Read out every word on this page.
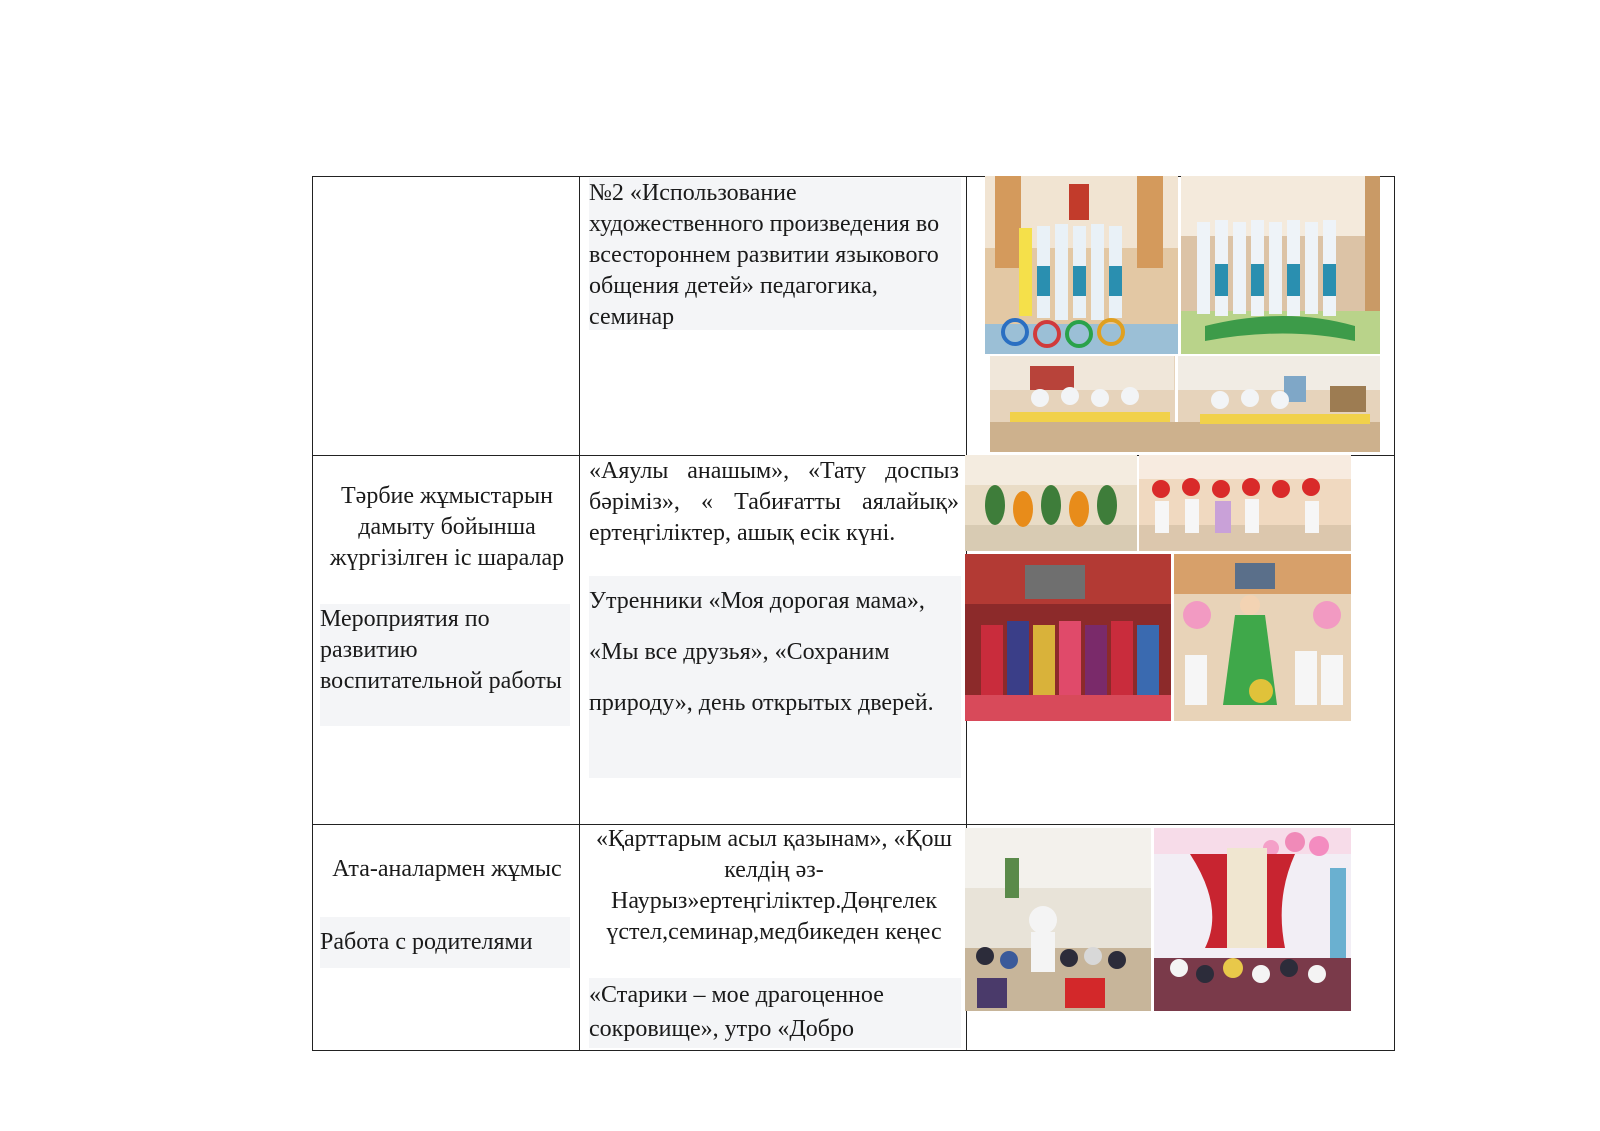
№2 «Использование художественного произведения во всестороннем развитии языкового общения детей» педагогика, семинар
Тәрбие жұмыстарын дамыту бойынша жүргізілген іс шаралар
Мероприятия по развитию воспитательной работы
«Аяулы анашым», «Тату доспыз бәріміз», « Табиғатты аялайық» ертеңгіліктер, ашық есік күні.
Утренники «Моя дорогая мама», «Мы все друзья», «Сохраним природу», день открытых дверей.
Ата-аналармен жұмыс
Работа с родителями
«Қарттарым асыл қазынам», «Қош келдің әз-Наурыз»ертеңгіліктер.Дөңгелек үстел,семинар,медбикеден кеңес
«Старики – мое драгоценное сокровище», утро «Добро
